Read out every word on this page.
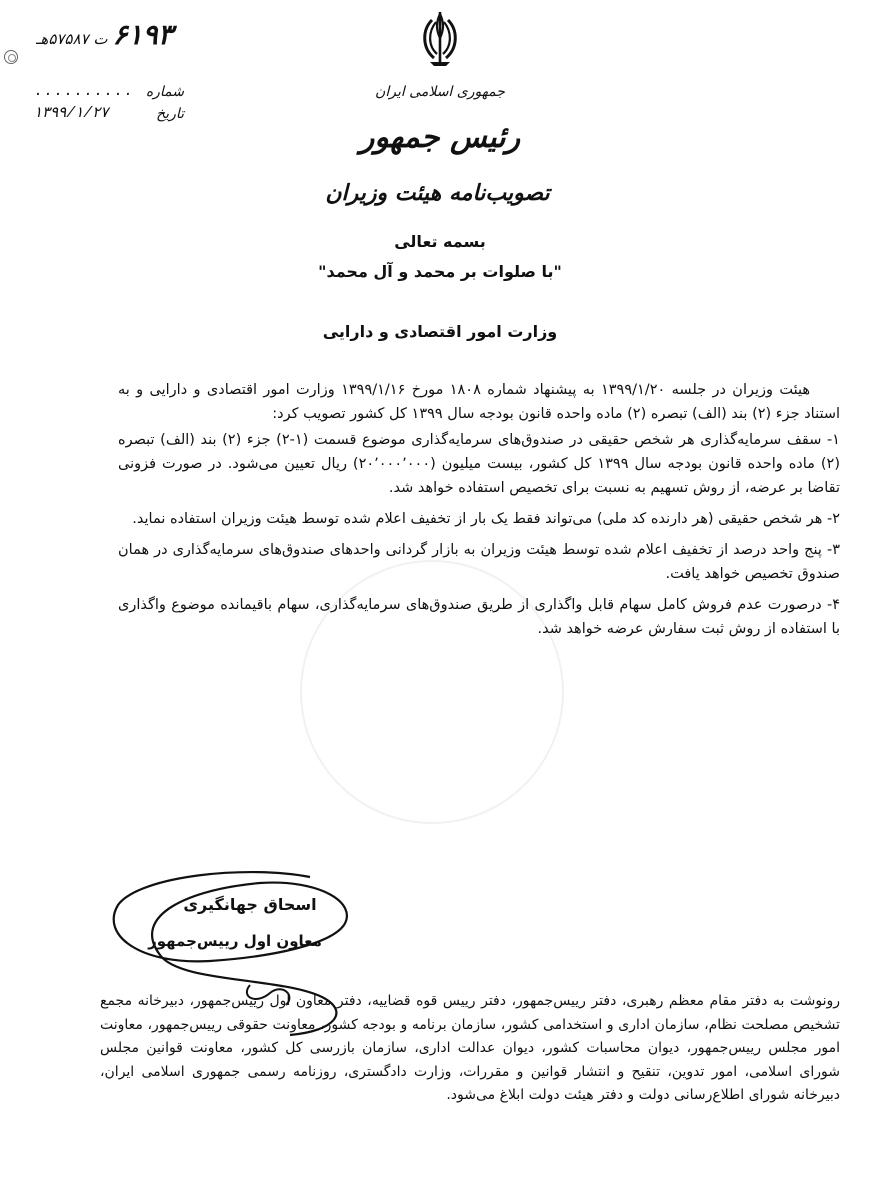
ت ۵۷۵۸۷هـ ۶۱۹۳
.......... شماره
۱۳۹۹/۱/۲۷	تاریخ
جمهوری اسلامی ایران
رئیس جمهور
تصویب‌نامه هیئت وزیران
بسمه تعالی
"با صلوات بر محمد و آل محمد"
وزارت امور اقتصادی و دارایی

هیئت وزیران در جلسه ۱۳۹۹/۱/۲۰ به پیشنهاد شماره ۱۸۰۸ مورخ ۱۳۹۹/۱/۱۶ وزارت امور اقتصادی و دارایی و به استناد جزء (۲) بند (الف) تبصره (۲) ماده واحده قانون بودجه سال ۱۳۹۹ کل کشور تصویب کرد:

۱- سقف سرمایه‌گذاری هر شخص حقیقی در صندوق‌های سرمایه‌گذاری موضوع قسمت (۱-۲) جزء (۲) بند (الف) تبصره (۲) ماده واحده قانون بودجه سال ۱۳۹۹ کل کشور، بیست میلیون (۲۰٬۰۰۰٬۰۰۰) ریال تعیین می‌شود. در صورت فزونی تقاضا بر عرضه، از روش تسهیم به نسبت برای تخصیص استفاده خواهد شد.

۲- هر شخص حقیقی (هر دارنده کد ملی) می‌تواند فقط یک بار از تخفیف اعلام شده توسط هیئت وزیران استفاده نماید.

۳- پنج واحد درصد از تخفیف اعلام شده توسط هیئت وزیران به بازار گردانی واحدهای صندوق‌های سرمایه‌گذاری در همان صندوق تخصیص خواهد یافت.

۴- درصورت عدم فروش کامل سهام قابل واگذاری از طریق صندوق‌های سرمایه‌گذاری، سهام باقیمانده موضوع واگذاری با استفاده از روش ثبت سفارش عرضه خواهد شد.

اسحاق جهانگیری
معاون اول رییس‌جمهور
رونوشت به دفتر مقام معظم رهبری، دفتر رییس‌جمهور، دفتر رییس قوه قضاییه، دفتر معاون اول رییس‌جمهور، دبیرخانه مجمع تشخیص مصلحت نظام، سازمان اداری و استخدامی کشور، سازمان برنامه و بودجه کشور، معاونت حقوقی رییس‌جمهور، معاونت امور مجلس رییس‌جمهور، دیوان محاسبات کشور، دیوان عدالت اداری، سازمان بازرسی کل کشور، معاونت قوانین مجلس شورای اسلامی، امور تدوین، تنقیح و انتشار قوانین و مقررات، وزارت دادگستری، روزنامه رسمی جمهوری اسلامی ایران، دبیرخانه شورای اطلاع‌رسانی دولت و دفتر هیئت دولت ابلاغ می‌شود.
